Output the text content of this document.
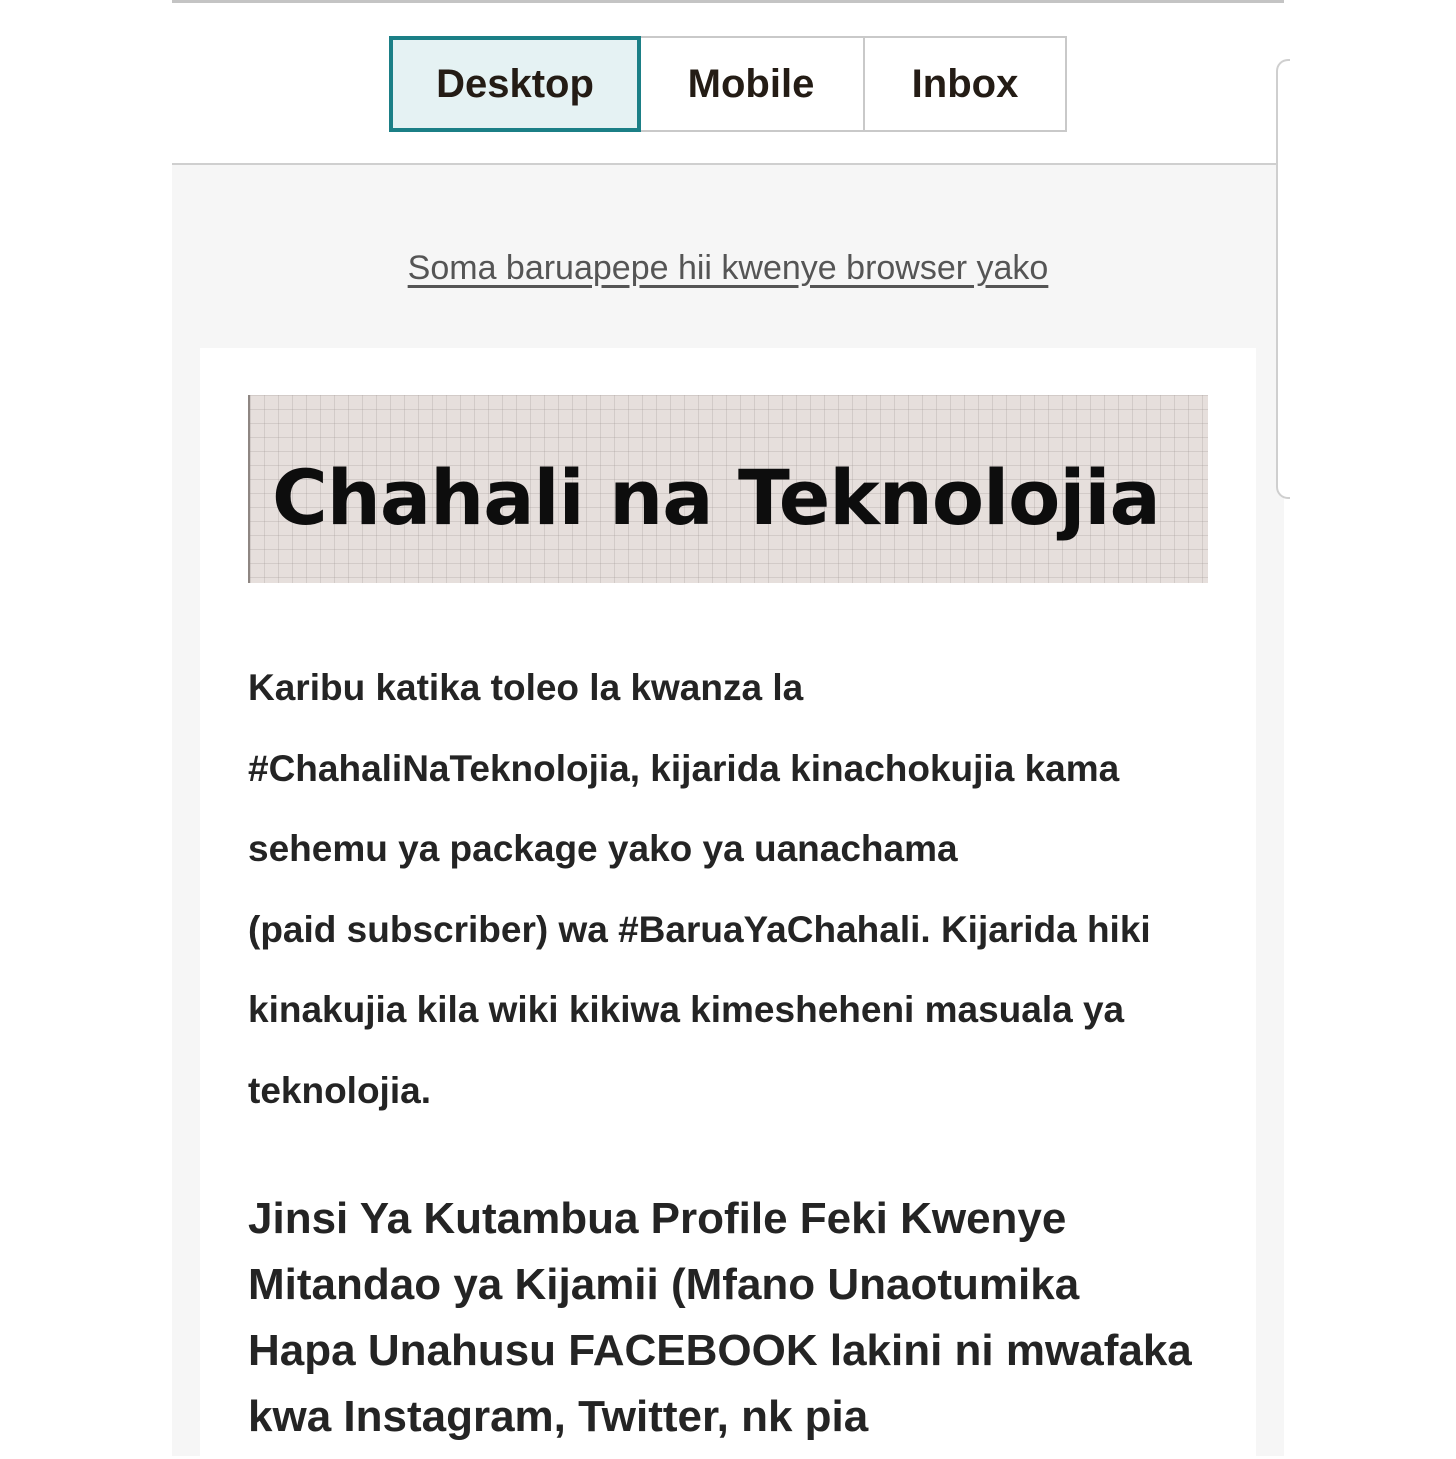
Desktop	Mobile	Inbox
Soma baruapepe hii kwenye browser yako
Chahali na Teknolojia

Karibu katika toleo la kwanza la
#ChahaliNaTeknolojia, kijarida kinachokujia kama
sehemu ya package yako ya uanachama
(paid subscriber) wa #BaruaYaChahali. Kijarida hiki
kinakujia kila wiki kikiwa kimesheheni masuala ya
teknolojia.

Jinsi Ya Kutambua Profile Feki Kwenye
Mitandao ya Kijamii (Mfano Unaotumika
Hapa Unahusu FACEBOOK lakini ni mwafaka
kwa Instagram, Twitter, nk pia
